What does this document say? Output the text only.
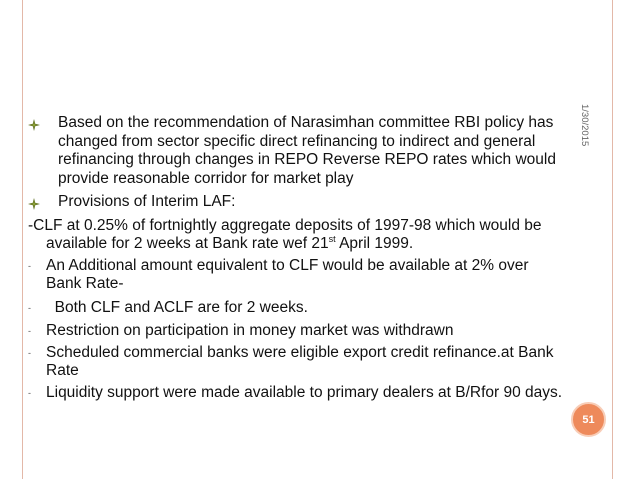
1/30/2015
51
Based on the recommendation of Narasimhan committee RBI policy has changed from sector specific direct refinancing to indirect and general refinancing through changes in REPO Reverse REPO rates which would provide reasonable corridor for market play
Provisions of Interim LAF:
-CLF at 0.25% of fortnightly aggregate deposits of 1997-98 which would be available for 2 weeks at Bank rate wef 21st April 1999.
- An Additional amount equivalent to CLF would be available at 2% over Bank Rate-
- Both CLF and ACLF are for 2 weeks.
- Restriction on participation in money market was withdrawn
- Scheduled commercial banks were eligible export credit refinance.at Bank Rate
- Liquidity support were made available to primary dealers at B/Rfor 90 days.
